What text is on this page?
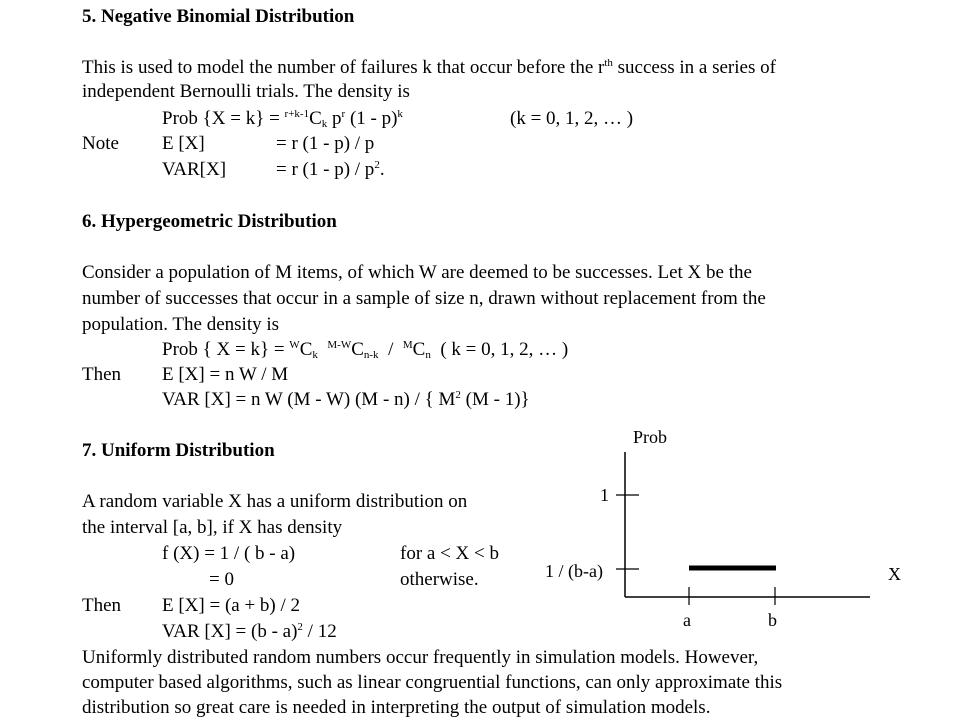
5. Negative Binomial Distribution
This is used to model the number of failures k that occur before the $r^{th}$ success in a series of
independent Bernoulli trials. The density is
Prob $\{X = k\} = ^{r+k-1}C_k$ $p^r$ (1 - p)$^k$	(k = 0, 1, 2, … )
Note E [X]	= r (1 - p) / p
VAR[X]	= r $(1 - p) / p^2$.
6. Hypergeometric Distribution
Consider a population of M items, of which W are deemed to be successes. Let X be the
number of successes that occur in a sample of size n, drawn without replacement from the
population. The density is
Prob { $X = k\} = ^WC_k$  $^{M-W}C_{n-k} / ^MC_n$  ( k = 0, 1, 2, … )
Then E [X] = n W / M
VAR [X] = n W (M - W) (M - n) / { $M^2$ (M - 1)}
7. Uniform Distribution
A random variable X has a uniform distribution on
the interval [a, b], if X has density
f (X) = 1 / ( b - a)	for a < X < b
= 0	otherwise.
Then E [X] = (a + b) / 2
VAR [X] = (b - a)$^2$ / 12
Uniformly distributed random numbers occur frequently in simulation models. However,
computer based algorithms, such as linear congruential functions, can only approximate this
distribution so great care is needed in interpreting the output of simulation models.
Prob
1
1 / (b-a)	X
a	b
